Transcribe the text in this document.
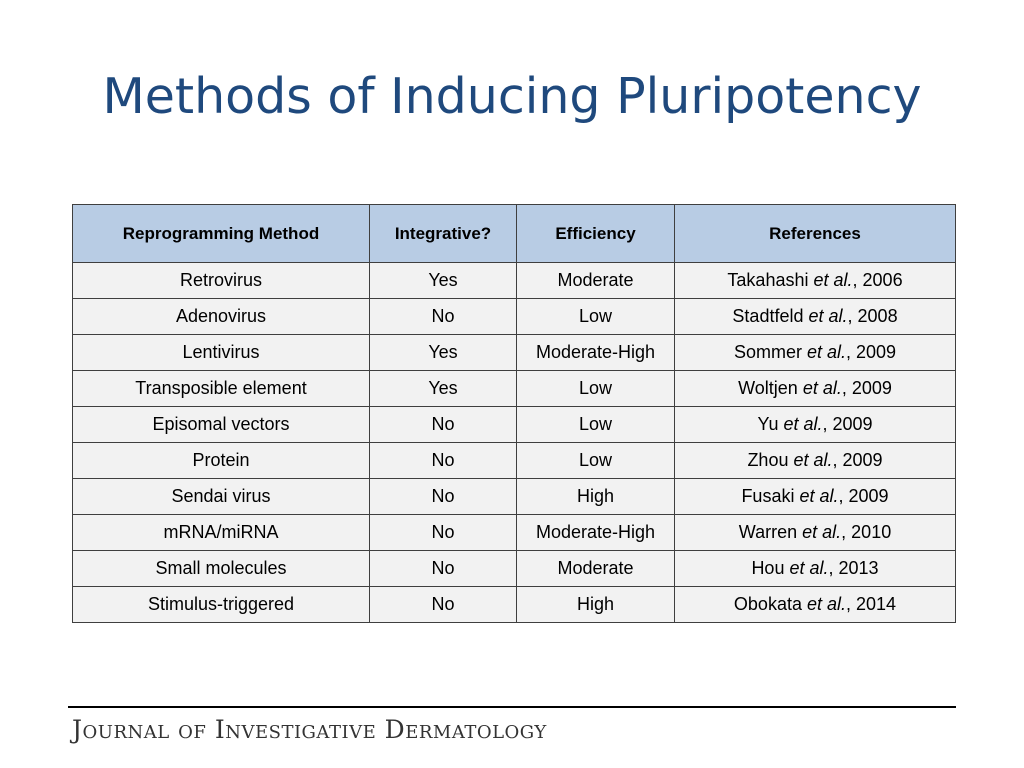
Methods of Inducing Pluripotency
Reprogramming Method	Integrative?	Efficiency	References
Retrovirus	Yes	Moderate	Takahashi et al., 2006
Adenovirus	No	Low	Stadtfeld et al., 2008
Lentivirus	Yes	Moderate-High	Sommer et al., 2009
Transposible element	Yes	Low	Woltjen et al., 2009
Episomal vectors	No	Low	Yu et al., 2009
Protein	No	Low	Zhou et al., 2009
Sendai virus	No	High	Fusaki et al., 2009
mRNA/miRNA	No	Moderate-High	Warren et al., 2010
Small molecules	No	Moderate	Hou et al., 2013
Stimulus-triggered	No	High	Obokata et al., 2014
Journal of Investigative Dermatology
